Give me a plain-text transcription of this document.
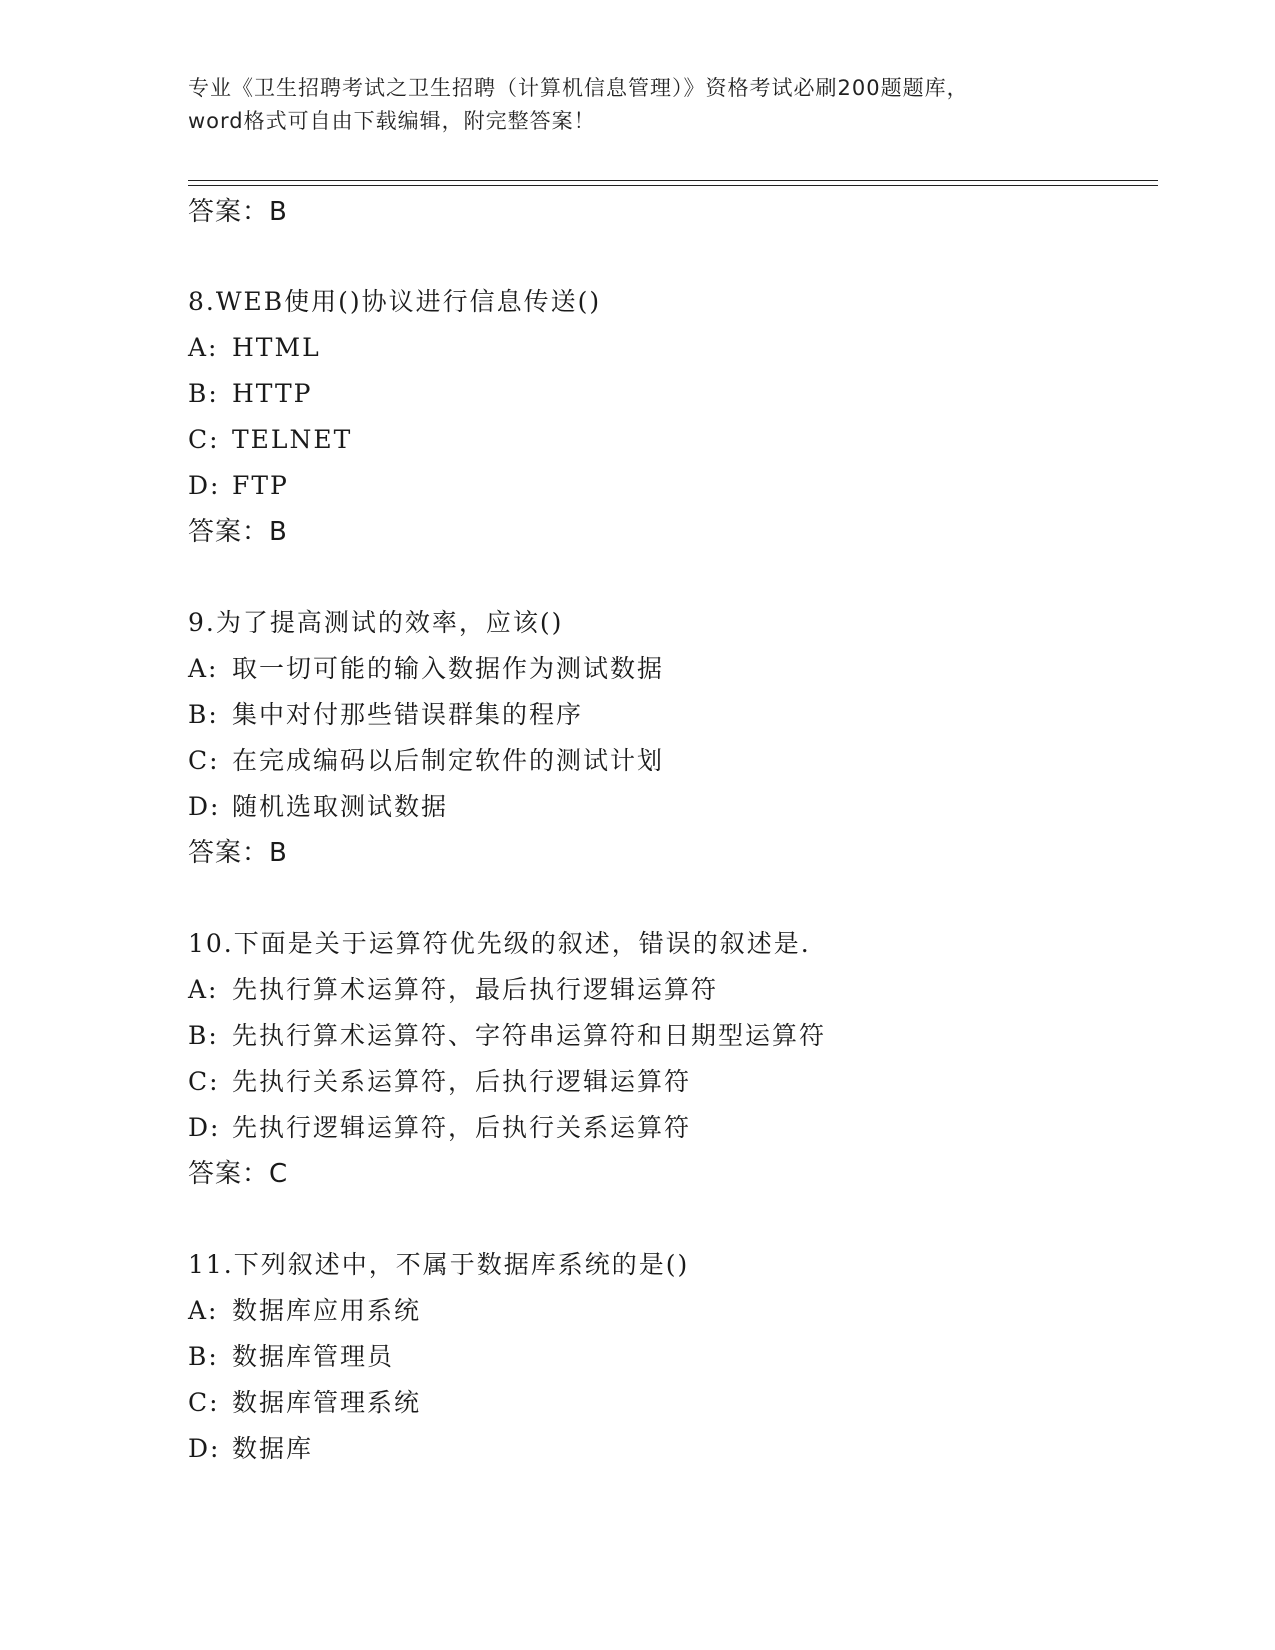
专业《卫生招聘考试之卫生招聘（计算机信息管理）》资格考试必刷200题题库，
word格式可自由下载编辑，附完整答案！
答案：B
8.WEB使用()协议进行信息传送()
A: HTML
B: HTTP
C: TELNET
D: FTP
答案：B
9.为了提高测试的效率，应该()
A: 取一切可能的输入数据作为测试数据
B: 集中对付那些错误群集的程序
C: 在完成编码以后制定软件的测试计划
D: 随机选取测试数据
答案：B
10.下面是关于运算符优先级的叙述，错误的叙述是.
A: 先执行算术运算符，最后执行逻辑运算符
B: 先执行算术运算符、字符串运算符和日期型运算符
C: 先执行关系运算符，后执行逻辑运算符
D: 先执行逻辑运算符，后执行关系运算符
答案：C
11.下列叙述中，不属于数据库系统的是()
A: 数据库应用系统
B: 数据库管理员
C: 数据库管理系统
D: 数据库
